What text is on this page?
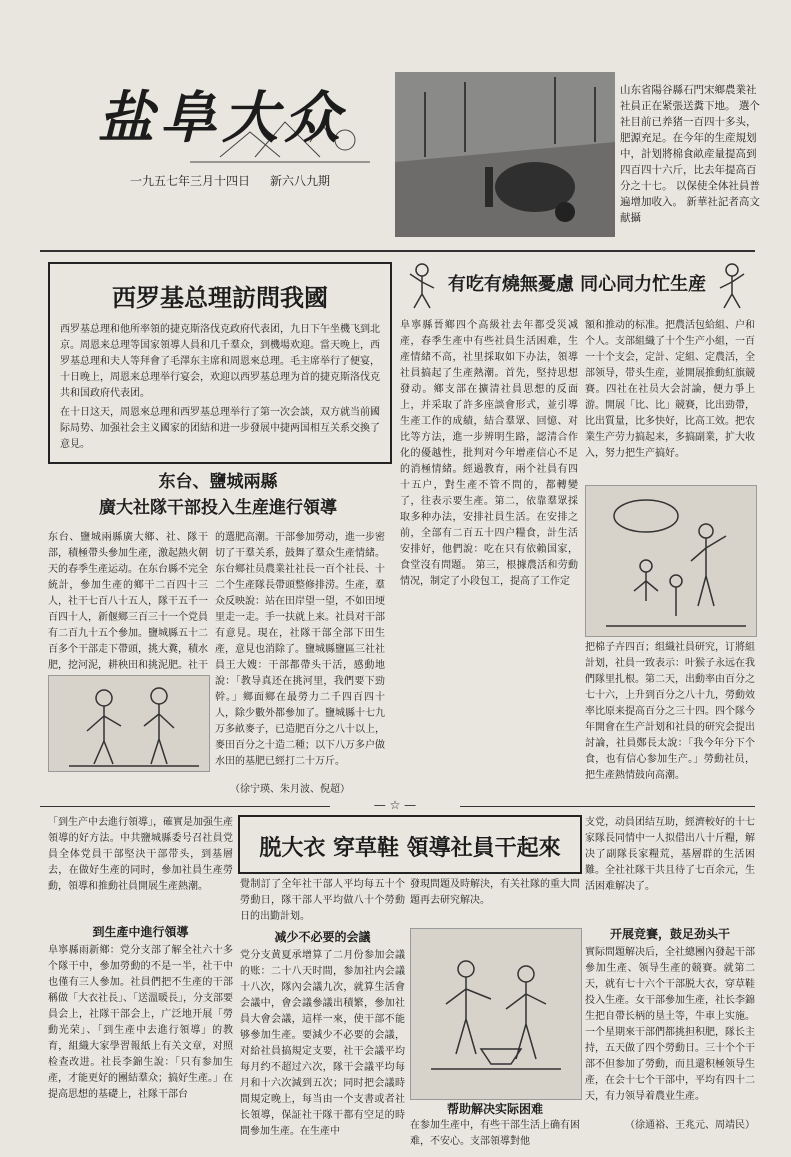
盐阜大众
一九五七年三月十四日 新六八九期
山东省陽谷縣石門宋鄉農業社社員正在紧張送糞下地。 選个社目前已养猪一百四十多头，肥源充足。在今年的生産規划中，計划將棉食畝産量提高到四百四十六斤，比去年提高百分之十七。 以保使全体社員普遍增加收入。 新華社記者高文献攝
西罗基总理訪問我國
西罗基总理和他所率領的捷克斯洛伐克政府代表团，九日下午坐機飞到北京。周恩来总理等国家領導人員和几千羣众，到機場欢迎。當天晚上，西罗基总理和夫人等拜會了毛澤东主席和周恩來总理。毛主席举行了便宴，
十日晚上，周恩来总理举行宴会，欢迎以西罗基总理为首的捷克斯洛伐克共和国政府代表团。
在十日这天，周恩來总理和西罗基总理举行了第一次会談，双方就当前國际局势、加强社会主义國家的团結和进一步發展中捷两国相互关系交換了意見。
东台、鹽城兩縣
廣大社隊干部投入生産進行領導
东台、鹽城兩縣廣大鄉、社、隊干部，積極帶头參加生產，激起熱火朝天的春季生產运动。在东台縣不完全統計，參加生產的鄉干二百四十三人，社干七百八十五人，隊干五千一百四十人，新偃鄉三百三十一个党員有二百九十五个參加。鹽城縣五十二百多个干部走下帶頭，挑大糞，積水肥，挖河泥，耕秧田和挑泥肥。社干
的選肥高潮。干部參加勞动，進一步密切了干羣关系，鼓舞了羣众生產情緒。东台鄉社员農業社社長一百个社長、十二个生產隊長帶頭整修排涝。生產，羣众反映說：站在田岸望一望，不如田埂里走一走。手一扶就上来。社員对干部有意見。現在，社隊干部全部下田生產，意見也消除了。鹽城縣鹽區三社社員王大嫂：干部都帶头干活，感動地說：「教导真还在挑河里，我們要下勁幹。」鄉面鄉在最勞力二千四百四十人，除少數外都參加了。鹽城縣十七九万多畝麥子，已造肥百分之八十以上，麥田百分之十造二種；以下八万多户做水田的基肥已經打二十万斤。
（徐宁瑛、朱月波、倪超）
有吃有燒無憂慮 同心同力忙生産
阜寧縣晉鄉四个高級社去年都受災减產，春季生產中有些社員生活困难，生產情緒不高，社里採取如下办法，領導社員搞起了生產熱潮。首先，堅持思想發动。鄉支部在擴清社員思想的反面上，并采取了許多座談會形式，並引導生產工作的成績，結合羣眾、回憶、对比等方法，進一步辨明生路，認清合作化的優越性，批判对今年增產信心不足的消極情緒。經過教育，兩个社員有四十五户，對生產不管不問的，都轉變了，往表示要生產。第二，依靠羣眾採取多种办法，安排社員生活。在安排之前，全部有二百五十四户糧食，計生活安排好，他們說：吃在只有依賴国家，食堂沒有問題。 第三，根據農活和劳動情况，制定了小段包工，提高了工作定
額和推动的标准。把農活包給組、户和个人。支部組織了十个生产小組，一百一十个支会，定計、定組、定農活，全部领导，带头生産，並開展推動紅旗競賽。四社在社员大会討論，便力爭上游。開展「比、比」競賽，比出勁帶，比出質量，比多快好，比高工效。把农業生产劳力搞起来，多搞副業，扩大收入，努力把生产搞好。
把棉子卉四百；组織社員研究，订將組計划，社員一致表示：叶猴子永远在我們隊里扎根。第二天，出動率由百分之七十六，上升到百分之八十九，勞動效率比原来提高百分之三十四。四个隊今年開會在生产計划和社員的研究会提出討論，社員鄭長太說：「我今年分下个食，也有信心参加生产。」勞動社员，把生產熱情鼓向高潮。
— ☆ —
「到生产中去進行領導」，確實是加强生產領導的好方法。中共鹽城縣委号召社員党員全体党員干部堅決干部带头，到基層去，在做好生產的同时，參加社員生產勞動，領導和推動社員開展生產熱潮。
脱大衣 穿草鞋 領導社員干起來
到生產中進行領導
阜寧縣雨新鄉：党分支部了解全社六十多个隊干中，參加勞動的不是一半，社干中也僅有三人參加。社員們把不生產的干部稱做「大衣社長」、「送溫暖長」，分支部要員会上，社隊干部会上，广泛地开展「勞動光荣」、「到生產中去進行領導」的教育，組織大家學習報紙上有关文章，对照检查改进。社長李錦生說：「只有参加生產，才能更好的團結羣众；搞好生產。」在提高思想的基礎上，社隊干部台
覺制訂了全年社干部人平均每五十个勞動日，隊干部人平均做八十个勞動日的出勤計划。
减少不必要的会議
党分支黄夏承增算了二月份参加会議的账：二十八天时間，参加社内会議十八次，隊內会議九次，就算生活會会議中，會会議參議出積繁，參加社員大會会議，這样一來，使干部不能够參加生產。要減少不必要的会議，对給社員搞規定支要，社干会議平均每月约不超过六次，隊干会議平均每月和十六次減到五次；同时把会議時間規定晚上，每当由一个支書或者社长領導，保証社干隊干都有空足的時間參加生產。在生產中
發現問題及時解決，有关社隊的重大問題再去研究解决。
帮助解决实际困难
在参加生產中，有些干部生活上确有困难，不安心。支部領導對他
支党，动員团结互助，經濟較好的十七家隊長同情中一人拟借出八十斤糧，解决了副隊長家糧荒，基層群的生活困難。全社社隊干共且待了七百余元，生活困难解决了。
开展竞賽，鼓足劲头干
實际問題解决后，全社總團內發起干部參加生產、领导生產的競賽。就第二天，就有七十六个干部脱大衣，穿草鞋投入生產。女干部參加生產，社长李錦生把自帶长柄的垦土等，牛車上实施。一个星期來干部們都挑担积肥，隊长主持，五天做了四个勞動日。三十个个干部不但参加了勞動，而且還积極领导生產，在会十七个干部中，平均有四十二天，有力领导着農业生產。
（徐通裕、王兆元、周靖民）
